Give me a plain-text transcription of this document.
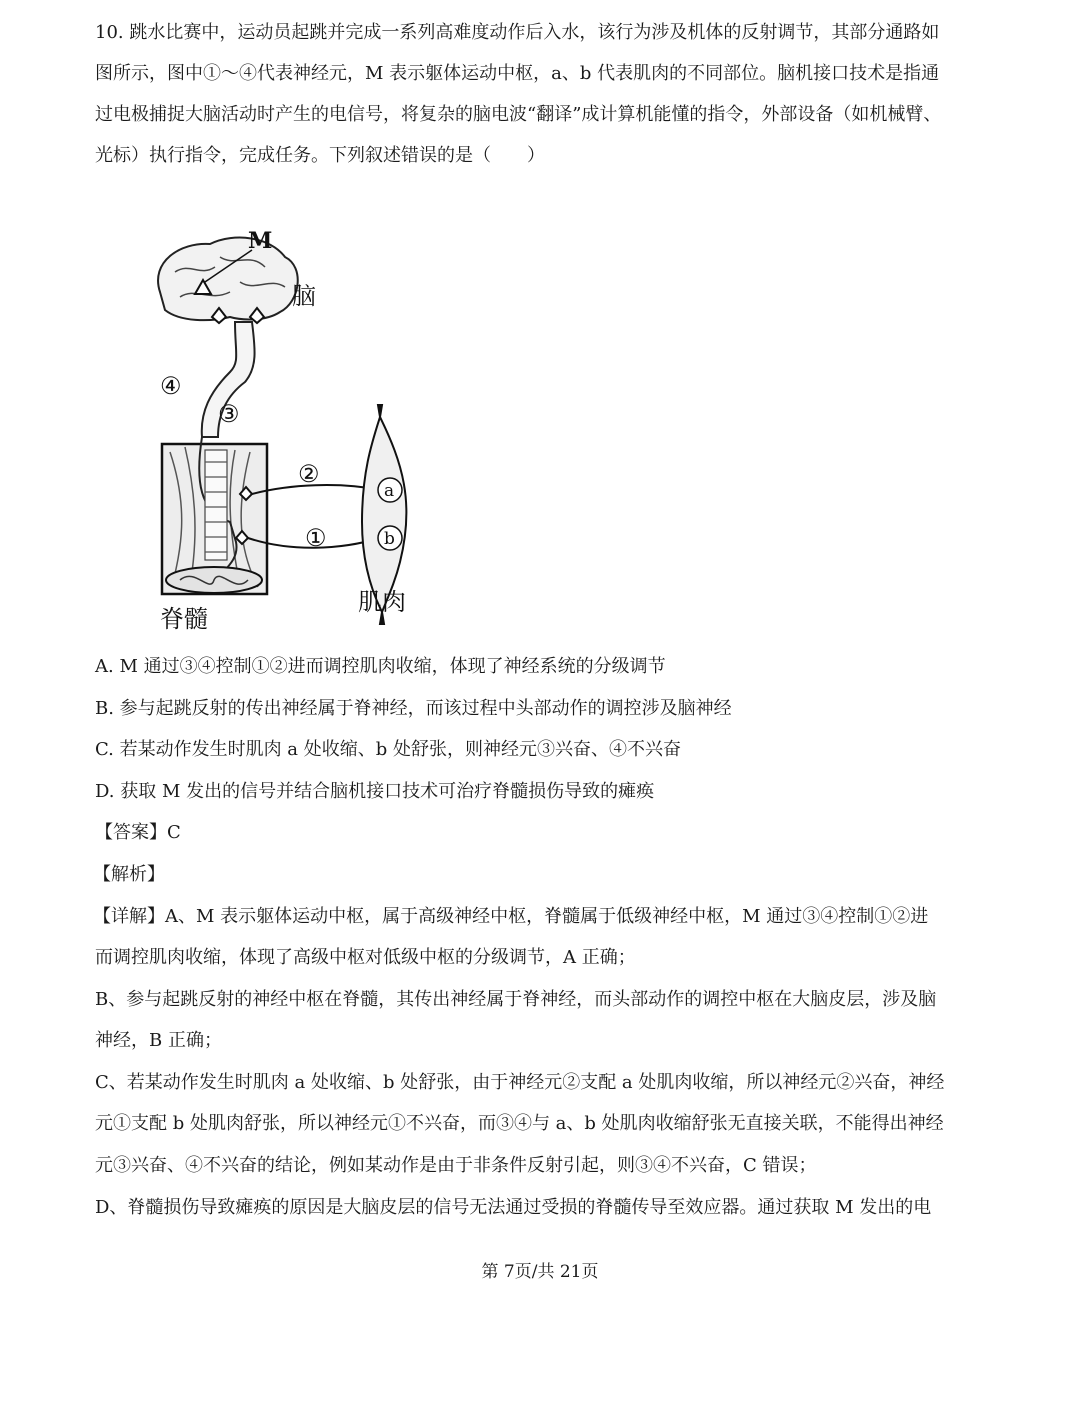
10. 跳水比赛中，运动员起跳并完成一系列高难度动作后入水，该行为涉及机体的反射调节，其部分通路如
图所示，图中①～④代表神经元，M 表示躯体运动中枢，a、b 代表肌肉的不同部位。脑机接口技术是指通
过电极捕捉大脑活动时产生的电信号，将复杂的脑电波“翻译”成计算机能懂的指令，外部设备（如机械臂、
光标）执行指令，完成任务。下列叙述错误的是（　　）
M
脑
④
③
②
①
a
b
脊髓
肌肉
A. M 通过③④控制①②进而调控肌肉收缩，体现了神经系统的分级调节
B. 参与起跳反射的传出神经属于脊神经，而该过程中头部动作的调控涉及脑神经
C. 若某动作发生时肌肉 a 处收缩、b 处舒张，则神经元③兴奋、④不兴奋
D. 获取 M 发出的信号并结合脑机接口技术可治疗脊髓损伤导致的瘫痪
【答案】C
【解析】
【详解】A、M 表示躯体运动中枢，属于高级神经中枢，脊髓属于低级神经中枢，M 通过③④控制①②进
而调控肌肉收缩，体现了高级中枢对低级中枢的分级调节，A 正确；
B、参与起跳反射的神经中枢在脊髓，其传出神经属于脊神经，而头部动作的调控中枢在大脑皮层，涉及脑
神经，B 正确；
C、若某动作发生时肌肉 a 处收缩、b 处舒张，由于神经元②支配 a 处肌肉收缩，所以神经元②兴奋，神经
元①支配 b 处肌肉舒张，所以神经元①不兴奋，而③④与 a、b 处肌肉收缩舒张无直接关联，不能得出神经
元③兴奋、④不兴奋的结论，例如某动作是由于非条件反射引起，则③④不兴奋，C 错误；
D、脊髓损伤导致瘫痪的原因是大脑皮层的信号无法通过受损的脊髓传导至效应器。通过获取 M 发出的电
第 7页/共 21页
